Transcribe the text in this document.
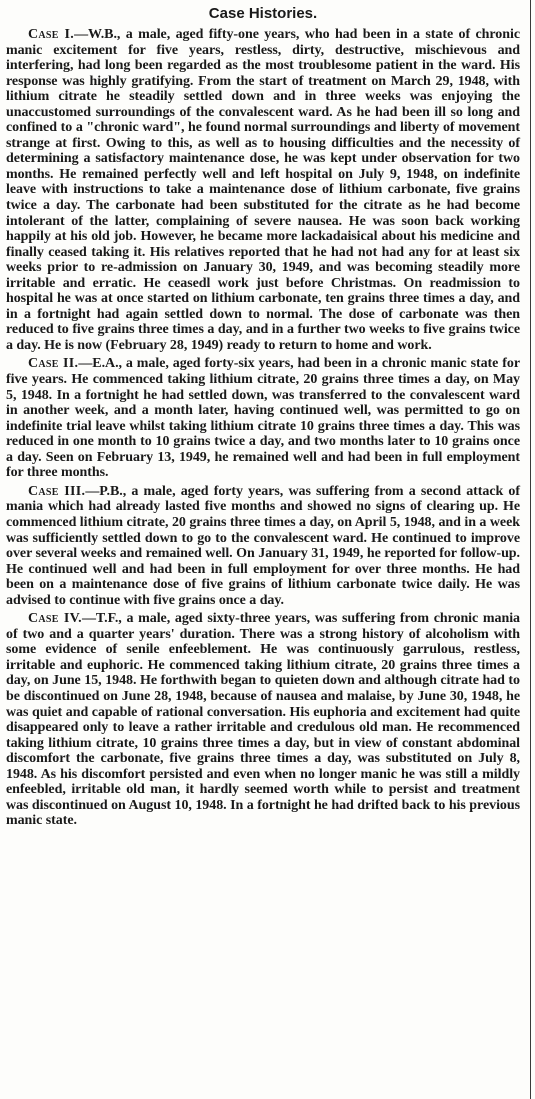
Case Histories.

Case I.—W.B., a male, aged fifty-one years, who had been in a state of chronic manic excitement for five years, restless, dirty, destructive, mischievous and interfering, had long been regarded as the most troublesome patient in the ward. His response was highly gratifying. From the start of treatment on March 29, 1948, with lithium citrate he steadily settled down and in three weeks was enjoying the unaccustomed surroundings of the convalescent ward. As he had been ill so long and confined to a "chronic ward", he found normal surroundings and liberty of movement strange at first. Owing to this, as well as to housing difficulties and the necessity of determining a satisfactory maintenance dose, he was kept under observation for two months. He remained perfectly well and left hospital on July 9, 1948, on indefinite leave with instructions to take a maintenance dose of lithium carbonate, five grains twice a day. The carbonate had been substituted for the citrate as he had become intolerant of the latter, complaining of severe nausea. He was soon back working happily at his old job. However, he became more lackadaisical about his medicine and finally ceased taking it. His relatives reported that he had not had any for at least six weeks prior to re-admission on January 30, 1949, and was becoming steadily more irritable and erratic. He ceasedl work just before Christmas. On readmission to hospital he was at once started on lithium carbonate, ten grains three times a day, and in a fortnight had again settled down to normal. The dose of carbonate was then reduced to five grains three times a day, and in a further two weeks to five grains twice a day. He is now (February 28, 1949) ready to return to home and work.

Case II.—E.A., a male, aged forty-six years, had been in a chronic manic state for five years. He commenced taking lithium citrate, 20 grains three times a day, on May 5, 1948. In a fortnight he had settled down, was transferred to the convalescent ward in another week, and a month later, having continued well, was permitted to go on indefinite trial leave whilst taking lithium citrate 10 grains three times a day. This was reduced in one month to 10 grains twice a day, and two months later to 10 grains once a day. Seen on February 13, 1949, he remained well and had been in full employment for three months.

Case III.—P.B., a male, aged forty years, was suffering from a second attack of mania which had already lasted five months and showed no signs of clearing up. He commenced lithium citrate, 20 grains three times a day, on April 5, 1948, and in a week was sufficiently settled down to go to the convalescent ward. He continued to improve over several weeks and remained well. On January 31, 1949, he reported for follow-up. He continued well and had been in full employment for over three months. He had been on a maintenance dose of five grains of lithium carbonate twice daily. He was advised to continue with five grains once a day.

Case IV.—T.F., a male, aged sixty-three years, was suffering from chronic mania of two and a quarter years' duration. There was a strong history of alcoholism with some evidence of senile enfeeblement. He was continuously garrulous, restless, irritable and euphoric. He commenced taking lithium citrate, 20 grains three times a day, on June 15, 1948. He forthwith began to quieten down and although citrate had to be discontinued on June 28, 1948, because of nausea and malaise, by June 30, 1948, he was quiet and capable of rational conversation. His euphoria and excitement had quite disappeared only to leave a rather irritable and credulous old man. He recommenced taking lithium citrate, 10 grains three times a day, but in view of constant abdominal discomfort the carbonate, five grains three times a day, was substituted on July 8, 1948. As his discomfort persisted and even when no longer manic he was still a mildly enfeebled, irritable old man, it hardly seemed worth while to persist and treatment was discontinued on August 10, 1948. In a fortnight he had drifted back to his previous manic state.
